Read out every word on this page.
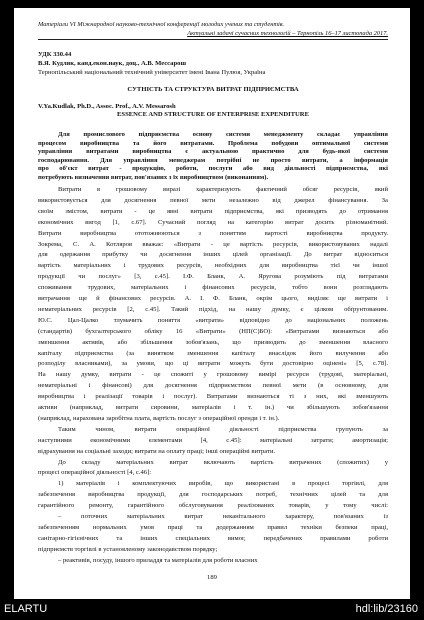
Матеріали VI Міжнародної науково-технічної конференції молодих учених та студентів.
Актуальні задачі сучасних технологій – Тернопіль 16–17 листопада 2017.
УДК 330.44
В.Я. Кудляк, канд.екон.наук, доц., А.В. Мессарош
Тернопільський національний технічний університет імені Івана Пулюя, Україна
СУТНІСТЬ ТА СТРУКТУРА ВИТРАТ ПІДПРИЄМСТВА
V.Ya.Kudlak, Ph.D., Assoc. Prof., A.V. Messarosh
ESSENCE AND STRUCTURE OF ENTERPRISE EXPENDITURE
Для промислового підприємства основу системи менеджменту складає управління
процесом виробництва та його витратами. Проблема побудови оптимальної системи
управління витратами виробництва є актуальною практично для будь-якої системи
господарювання. Для управління менеджерам потрібні не просто витрати, а інформація
про об'єкт витрат - продукцію, роботи, послуги або вид діяльності підприємства, які
потребують визначення витрат, пов'язаних з їх виробництвом (виконанням).
Витрати в грошовому виразі характеризують фактичний обсяг ресурсів, який
використовується для досягнення певної мети незалежно від джерел фінансування. За
своїм змістом, витрати - це явні витрати підприємства, які призводять до отримання
економічних вигод [1, с.67]. Сучасний погляд на категорію витрат досить різноманітний.
Витрати виробництва ототожнюються з поняттям вартості виробництва продукту.
Зокрема, С. А. Котляров вважає: «Витрати - це вартість ресурсів, використовуваних надалі
для одержання прибутку чи досягнення інших цілей організації. До витрат відноситься
вартість матеріальних і трудових ресурсів, необхідних для виробництва тієї чи іншої
продукції чи послуг» [3, с.45]. І.Ф. Бланк, А. Яругова розуміють під витратами
споживання трудових, матеріальних і фінансових ресурсів, тобто вони розглядають
витрачання ще й фінансових ресурсів. А. І. Ф. Бланк, окрім цього, виділяє ще витрати і
нематеріальних ресурсів [2, с.45]. Такий підхід, на нашу думку, є цілком обґрунтованим.
Ю.С. Цал-Цалко тлумачить поняття «витрати» відповідно до національних положень
(стандартів) бухгалтерського обліку 16 «Витрати» (НП(С)БО): «Витратами визнаються або
зменшення активів, або збільшення зобов'язань, що призводить до зменшення власного
капіталу підприємства (за винятком зменшення капіталу внаслідок його вилучення або
розподілу власниками), за умови, що ці витрати можуть бути достовірно оцінені» [5, с.78].
На нашу думку, витрати - це спожиті у грошовому вимірі ресурси (трудові, матеріальні,
нематеріальні і фінансові) для досягнення підприємством певної мети (в основному, для
виробництва і реалізації товарів і послуг). Витратами визнаються ті з них, які зменшують
активи (наприклад, витрати сировини, матеріалів і т. ін.) чи збільшують зобов'язання
(наприклад, нарахована заробітна плата, вартість послуг з операційної оренди і т. ін.).
Таким чином, витрати операційної діяльності підприємства групують за
наступними економічними елементами [4, с.45]: матеріальні затрати; амортизація;
відрахування на соціальні заходи; витрати на оплату праці; інші операційні витрати.
До складу матеріальних витрат включають вартість витрачених (спожитих) у
процесі операційної діяльності [4, с.46]:
1) матеріалів і комплектуючих виробів, що використані в процесі торгівлі, для
забезпечення виробництва продукції, для господарських потреб, технічних цілей та для
гарантійного ремонту, гарантійного обслуговування реалізованих товарів, у тому числі:
– поточних матеріальних витрат неканітального характеру, пов'язаних із
забезпеченням нормальних умов праці та додержанням правил техніки безпеки праці,
санітарно-гігієнічних та інших спеціальних вимог, передбачених правилами роботи
підприємств торгівлі в установленому законодавством порядку;
– реактивів, посуду, іншого приладдя та матеріалів для роботи власних
189
ELARTU	hdl:lib/23160
